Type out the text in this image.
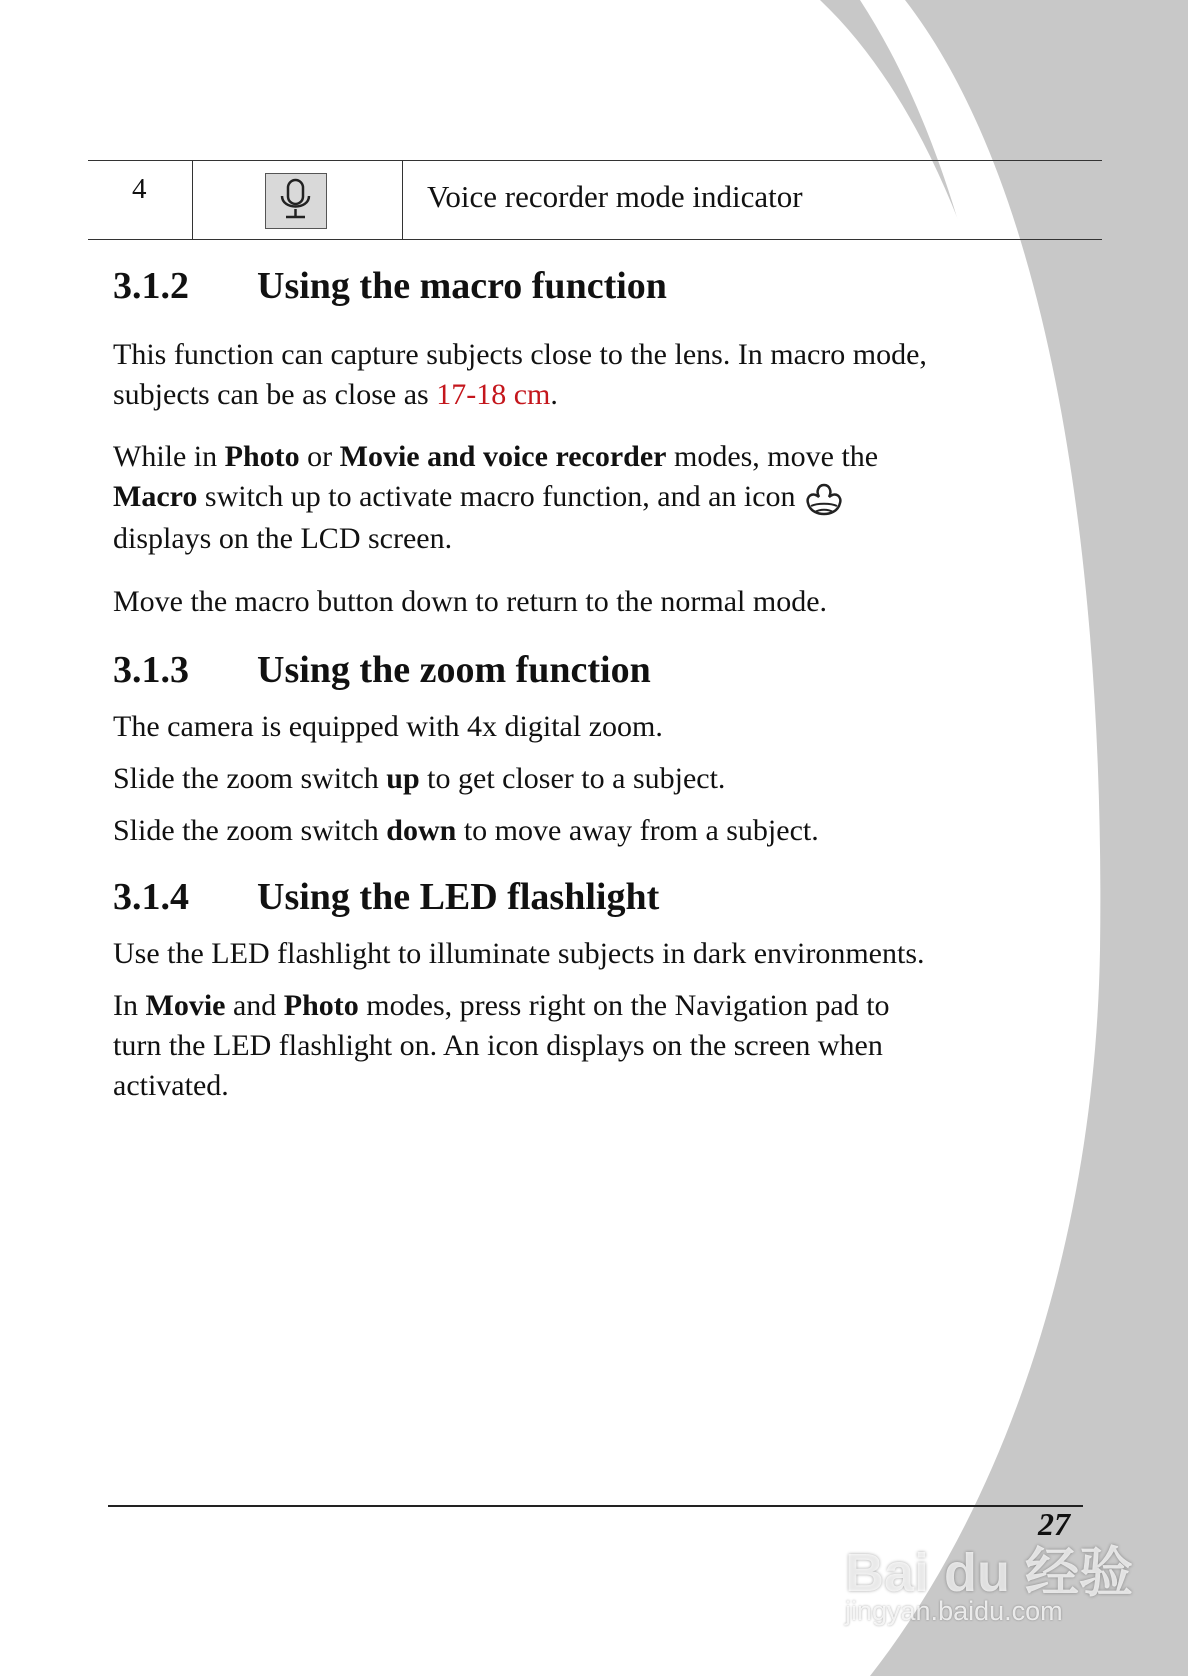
4	Voice recorder mode indicator
3.1.2 Using the macro function

This function can capture subjects close to the lens. In macro mode,
subjects can be as close as 17-18 cm.

While in Photo or Movie and voice recorder modes, move the
Macro switch up to activate macro function, and an icon
displays on the LCD screen.

Move the macro button down to return to the normal mode.

3.1.3 Using the zoom function

The camera is equipped with 4x digital zoom.

Slide the zoom switch up to get closer to a subject.

Slide the zoom switch down to move away from a subject.

3.1.4 Using the LED flashlight

Use the LED flashlight to illuminate subjects in dark environments.

In Movie and Photo modes, press right on the Navigation pad to
turn the LED flashlight on. An icon displays on the screen when
activated.

27
Bai du 经验
jingyan.baidu.com
